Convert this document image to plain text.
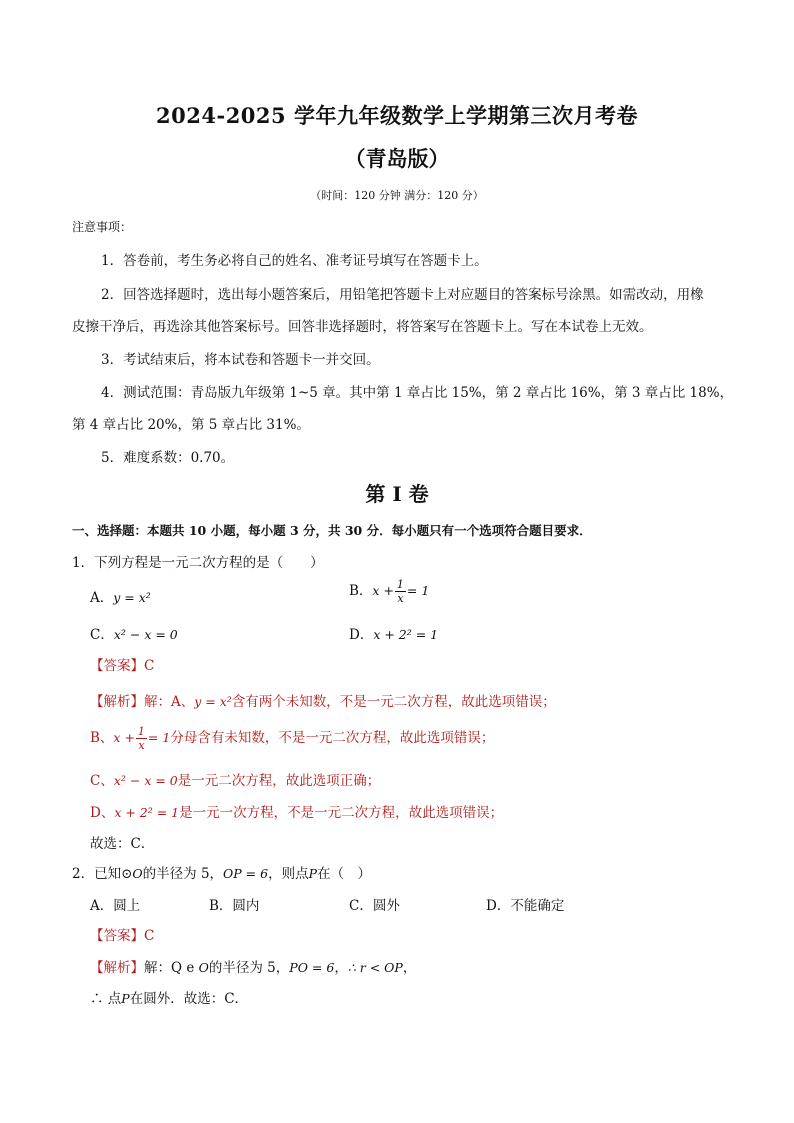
2024-2025 学年九年级数学上学期第三次月考卷
（青岛版）
（时间：120 分钟 满分：120 分）
注意事项：
1．答卷前，考生务必将自己的姓名、准考证号填写在答题卡上。
2．回答选择题时，选出每小题答案后，用铅笔把答题卡上对应题目的答案标号涂黑。如需改动，用橡
皮擦干净后，再选涂其他答案标号。回答非选择题时，将答案写在答题卡上。写在本试卷上无效。
3．考试结束后，将本试卷和答题卡一并交回。
4．测试范围：青岛版九年级第 1~5 章。其中第 1 章占比 15%，第 2 章占比 16%，第 3 章占比 18%，
第 4 章占比 20%，第 5 章占比 31%。
5．难度系数：0.70。
第 I 卷
一、选择题：本题共 10 小题，每小题 3 分，共 30 分．每小题只有一个选项符合题目要求．
1．下列方程是一元二次方程的是（　　）
A．y = x²	B．$x + \frac{1}{x} = 1$
C．x² − x = 0	D．x + 2² = 1
【答案】C
【解析】解：A、y = x²含有两个未知数，不是一元二次方程，故此选项错误；
B、$x + \frac{1}{x} = 1$分母含有未知数，不是一元二次方程，故此选项错误；
C、x² − x = 0是一元二次方程，故此选项正确；
D、x + 2² = 1是一元一次方程，不是一元二次方程，故此选项错误；
故选：C．
2．已知⊙O的半径为 5，OP = 6，则点P在（　）
A．圆上	B．圆内	C．圆外	D．不能确定
【答案】C
【解析】解：Q e O的半径为 5，PO = 6，∴ r < OP，
∴ 点P在圆外．故选：C．
